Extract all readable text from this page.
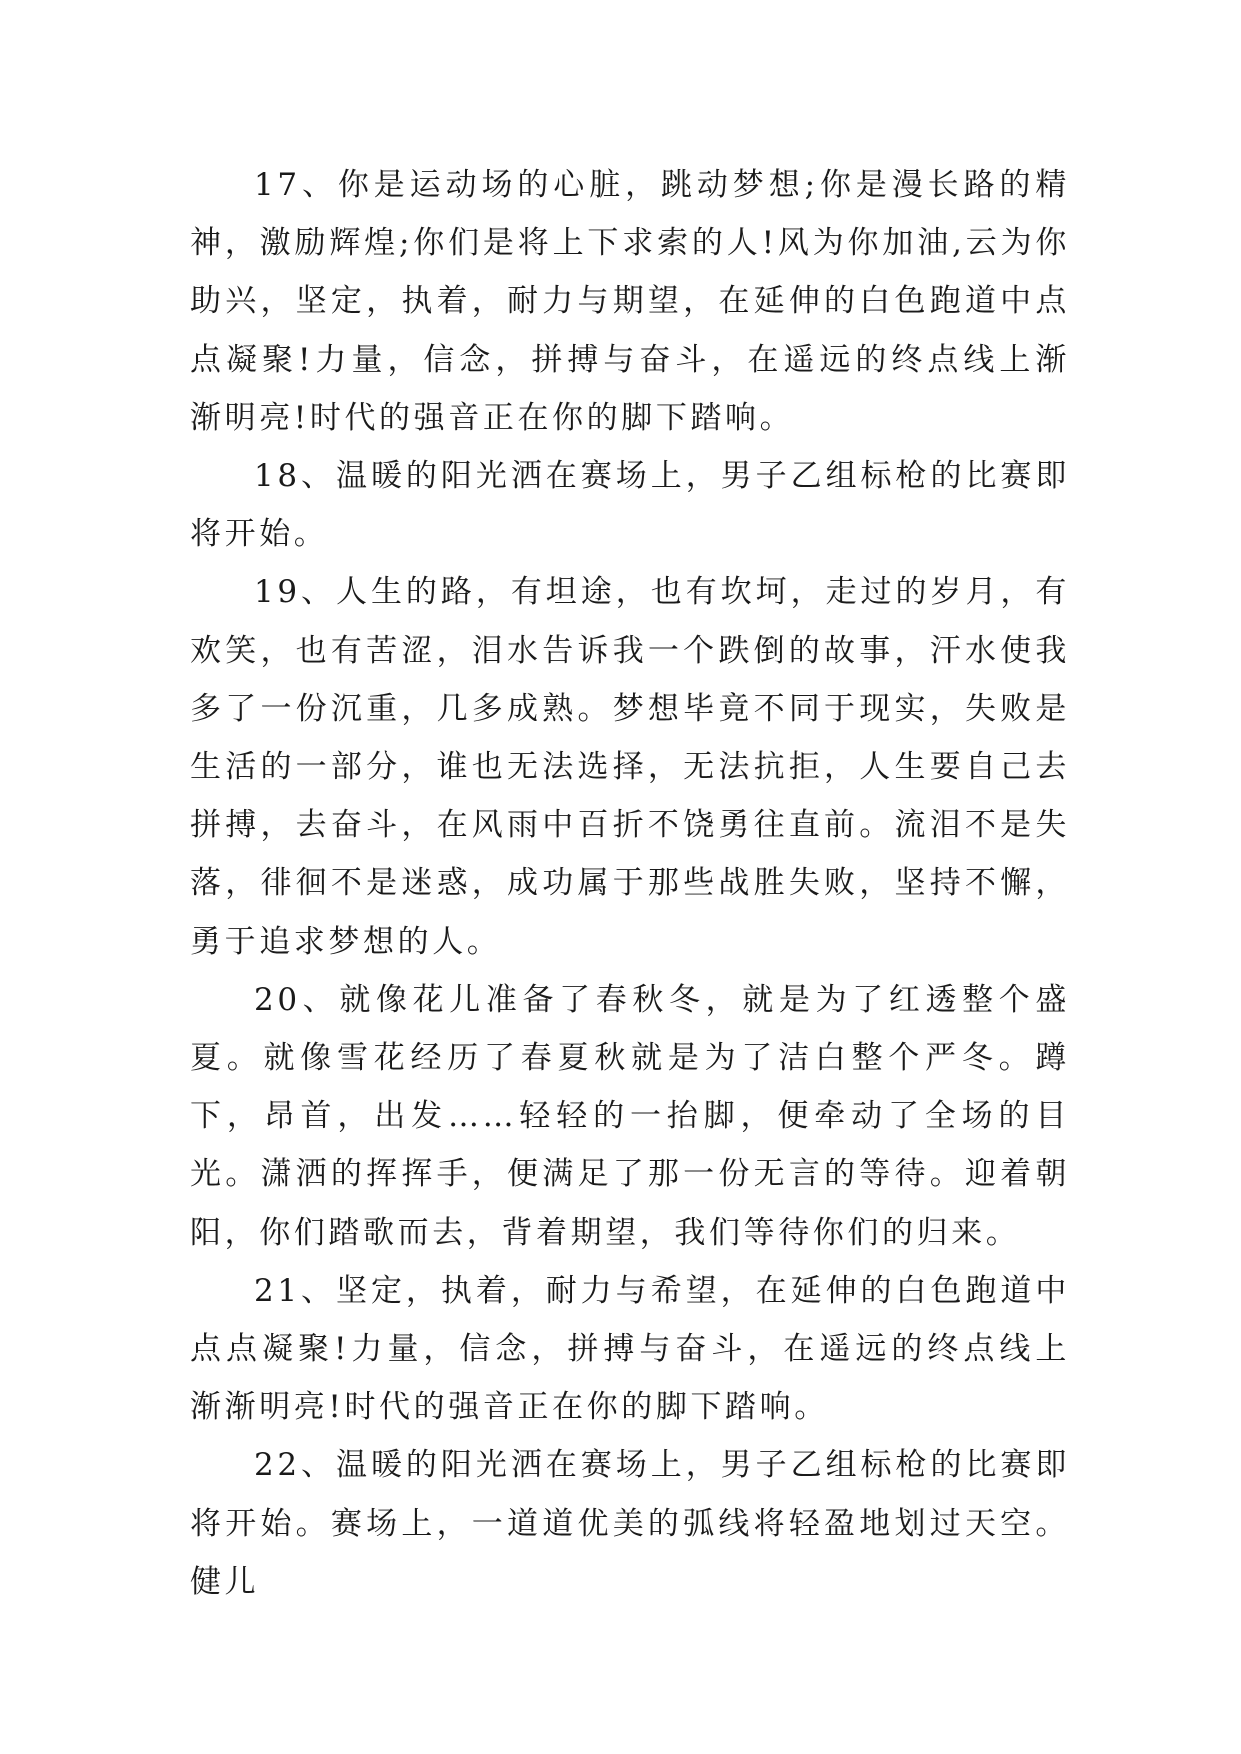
17、你是运动场的心脏，跳动梦想;你是漫长路的精神，激励辉煌;你们是将上下求索的人!风为你加油,云为你助兴，坚定，执着，耐力与期望，在延伸的白色跑道中点点凝聚!力量，信念，拼搏与奋斗，在遥远的终点线上渐渐明亮!时代的强音正在你的脚下踏响。

18、温暖的阳光洒在赛场上，男子乙组标枪的比赛即将开始。

19、人生的路，有坦途，也有坎坷，走过的岁月，有欢笑，也有苦涩，泪水告诉我一个跌倒的故事，汗水使我多了一份沉重，几多成熟。梦想毕竟不同于现实，失败是生活的一部分，谁也无法选择，无法抗拒，人生要自己去拼搏，去奋斗，在风雨中百折不饶勇往直前。流泪不是失落，徘徊不是迷惑，成功属于那些战胜失败，坚持不懈，勇于追求梦想的人。

20、就像花儿准备了春秋冬，就是为了红透整个盛夏。就像雪花经历了春夏秋就是为了洁白整个严冬。蹲下，昂首，出发……轻轻的一抬脚，便牵动了全场的目光。潇洒的挥挥手，便满足了那一份无言的等待。迎着朝阳，你们踏歌而去，背着期望，我们等待你们的归来。

21、坚定，执着，耐力与希望，在延伸的白色跑道中点点凝聚!力量，信念，拼搏与奋斗，在遥远的终点线上渐渐明亮!时代的强音正在你的脚下踏响。

22、温暖的阳光洒在赛场上，男子乙组标枪的比赛即将开始。赛场上，一道道优美的弧线将轻盈地划过天空。健儿
